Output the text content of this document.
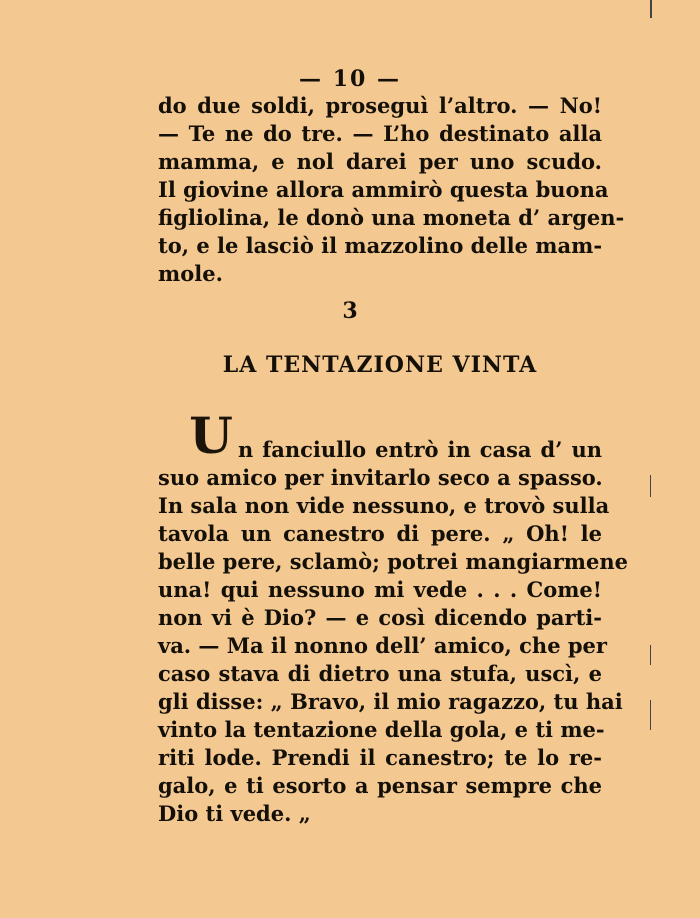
— 10 —
do due soldi, proseguì l’altro. — No!
— Te ne do tre. — L’ho destinato alla
mamma, e nol darei per uno scudo.
Il giovine allora ammirò questa buona
figliolina, le donò una moneta d’ argen-
to, e le lasciò il mazzolino delle mam-
mole.
3
LA TENTAZIONE VINTA
U n fanciullo entrò in casa d’ un
suo amico per invitarlo seco a spasso.
In sala non vide nessuno, e trovò sulla
tavola un canestro di pere. „ Oh! le
belle pere, sclamò; potrei mangiarmene
una! qui nessuno mi vede . . . Come!
non vi è Dio? — e così dicendo parti-
va. — Ma il nonno dell’ amico, che per
caso stava di dietro una stufa, uscì, e
gli disse: „ Bravo, il mio ragazzo, tu hai
vinto la tentazione della gola, e ti me-
riti lode. Prendi il canestro; te lo re-
galo, e ti esorto a pensar sempre che
Dio ti vede. „
